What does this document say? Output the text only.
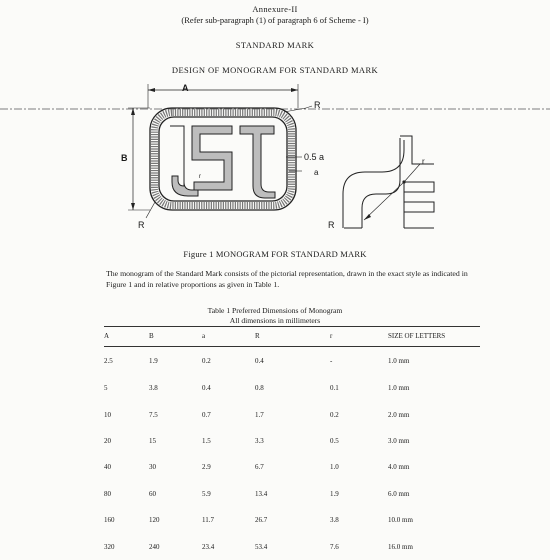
Annexure-II
(Refer sub-paragraph (1) of paragraph 6 of Scheme - I)
STANDARD MARK
DESIGN OF MONOGRAM FOR STANDARD MARK
A
B
r
R
R
0.5 a
a
r
R
Figure 1 MONOGRAM FOR STANDARD MARK
The monogram of the Standard Mark consists of the pictorial representation, drawn in the exact style as indicated in Figure 1 and in relative proportions as given in Table 1.
Table 1 Preferred Dimensions of Monogram
All dimensions in millimeters
A	B	a	R	r	SIZE OF LETTERS
2.5	1.9	0.2	0.4	-	1.0 mm
5	3.8	0.4	0.8	0.1	1.0 mm
10	7.5	0.7	1.7	0.2	2.0 mm
20	15	1.5	3.3	0.5	3.0 mm
40	30	2.9	6.7	1.0	4.0 mm
80	60	5.9	13.4	1.9	6.0 mm
160	120	11.7	26.7	3.8	10.0 mm
320	240	23.4	53.4	7.6	16.0 mm
